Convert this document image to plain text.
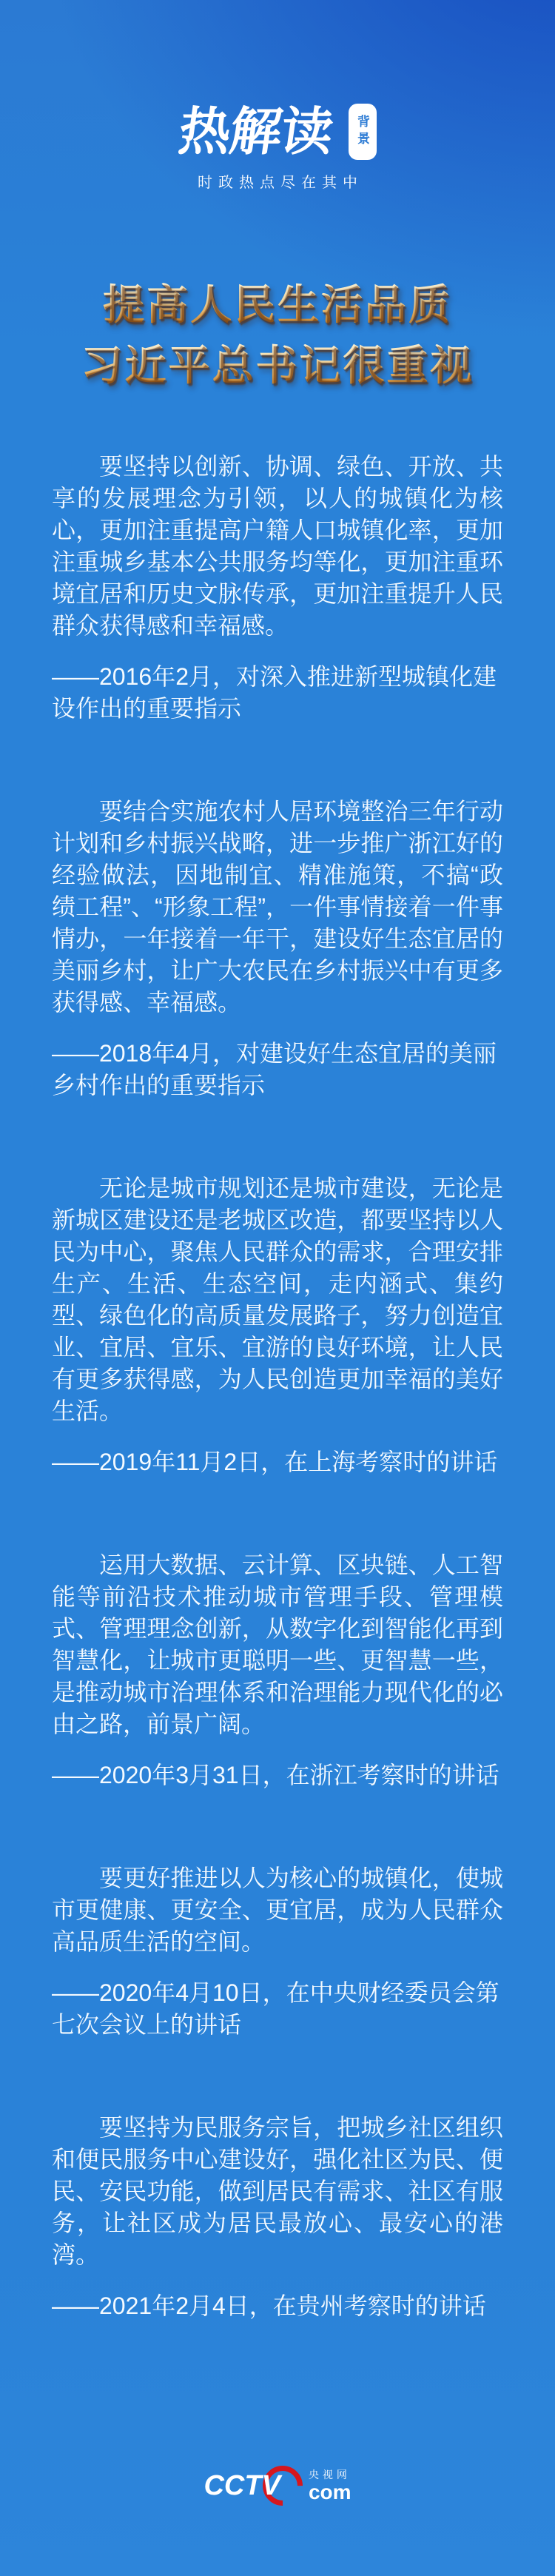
热解读 背景
时政热点尽在其中
提高人民生活品质
习近平总书记很重视

要坚持以创新、协调、绿色、开放、共享的发展理念为引领，以人的城镇化为核心，更加注重提高户籍人口城镇化率，更加注重城乡基本公共服务均等化，更加注重环境宜居和历史文脉传承，更加注重提升人民群众获得感和幸福感。

——2016年2月，对深入推进新型城镇化建设作出的重要指示

要结合实施农村人居环境整治三年行动计划和乡村振兴战略，进一步推广浙江好的经验做法，因地制宜、精准施策，不搞“政绩工程”、“形象工程”，一件事情接着一件事情办，一年接着一年干，建设好生态宜居的美丽乡村，让广大农民在乡村振兴中有更多获得感、幸福感。

——2018年4月，对建设好生态宜居的美丽乡村作出的重要指示

无论是城市规划还是城市建设，无论是新城区建设还是老城区改造，都要坚持以人民为中心，聚焦人民群众的需求，合理安排生产、生活、生态空间，走内涵式、集约型、绿色化的高质量发展路子，努力创造宜业、宜居、宜乐、宜游的良好环境，让人民有更多获得感，为人民创造更加幸福的美好生活。

——2019年11月2日，在上海考察时的讲话

运用大数据、云计算、区块链、人工智能等前沿技术推动城市管理手段、管理模式、管理理念创新，从数字化到智能化再到智慧化，让城市更聪明一些、更智慧一些，是推动城市治理体系和治理能力现代化的必由之路，前景广阔。

——2020年3月31日，在浙江考察时的讲话

要更好推进以人为核心的城镇化，使城市更健康、更安全、更宜居，成为人民群众高品质生活的空间。

——2020年4月10日，在中央财经委员会第七次会议上的讲话

要坚持为民服务宗旨，把城乡社区组织和便民服务中心建设好，强化社区为民、便民、安民功能，做到居民有需求、社区有服务，让社区成为居民最放心、最安心的港湾。

——2021年2月4日，在贵州考察时的讲话

CCTV	央视网
com
